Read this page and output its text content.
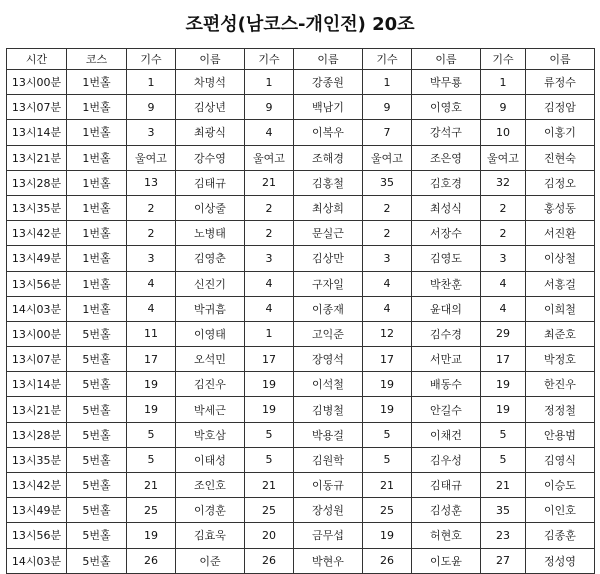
조편성(남코스-개인전) 20조
시간	코스	기수	이름	기수	이름	기수	이름	기수	이름
13시00분	1번홀	1	차명석	1	강종원	1	박무룡	1	류정수
13시07분	1번홀	9	김상년	9	백남기	9	이영호	9	김정암
13시14분	1번홀	3	최광식	4	이복우	7	강석구	10	이홍기
13시21분	1번홀	울여고	강수영	울여고	조해경	울여고	조은영	울여고	진현숙
13시28분	1번홀	13	김태규	21	김홍철	35	김호경	32	김정오
13시35분	1번홀	2	이상줄	2	최상희	2	최성식	2	홍성동
13시42분	1번홀	2	노병태	2	문실근	2	서장수	2	서진환
13시49분	1번홀	3	김영춘	3	김상만	3	김영도	3	이상철
13시56분	1번홀	4	신진기	4	구자일	4	박찬훈	4	서홍걸
14시03분	1번홀	4	박귀흠	4	이종재	4	윤대의	4	이희철
13시00분	5번홀	11	이영태	1	고익준	12	김수경	29	최준호
13시07분	5번홀	17	오석민	17	장영석	17	서만교	17	박정호
13시14분	5번홀	19	김진우	19	이석철	19	배동수	19	한진우
13시21분	5번홀	19	박세근	19	김병철	19	안길수	19	정정철
13시28분	5번홀	5	박호삼	5	박용걸	5	이채건	5	안용범
13시35분	5번홀	5	이태성	5	김원학	5	김우성	5	김영식
13시42분	5번홀	21	조인호	21	이동규	21	김태규	21	이승도
13시49분	5번홀	25	이경훈	25	장성원	25	김성훈	35	이인호
13시56분	5번홀	19	김효욱	20	금무섭	19	허현호	23	김종훈
14시03분	5번홀	26	이준	26	박현우	26	이도윤	27	정성영
